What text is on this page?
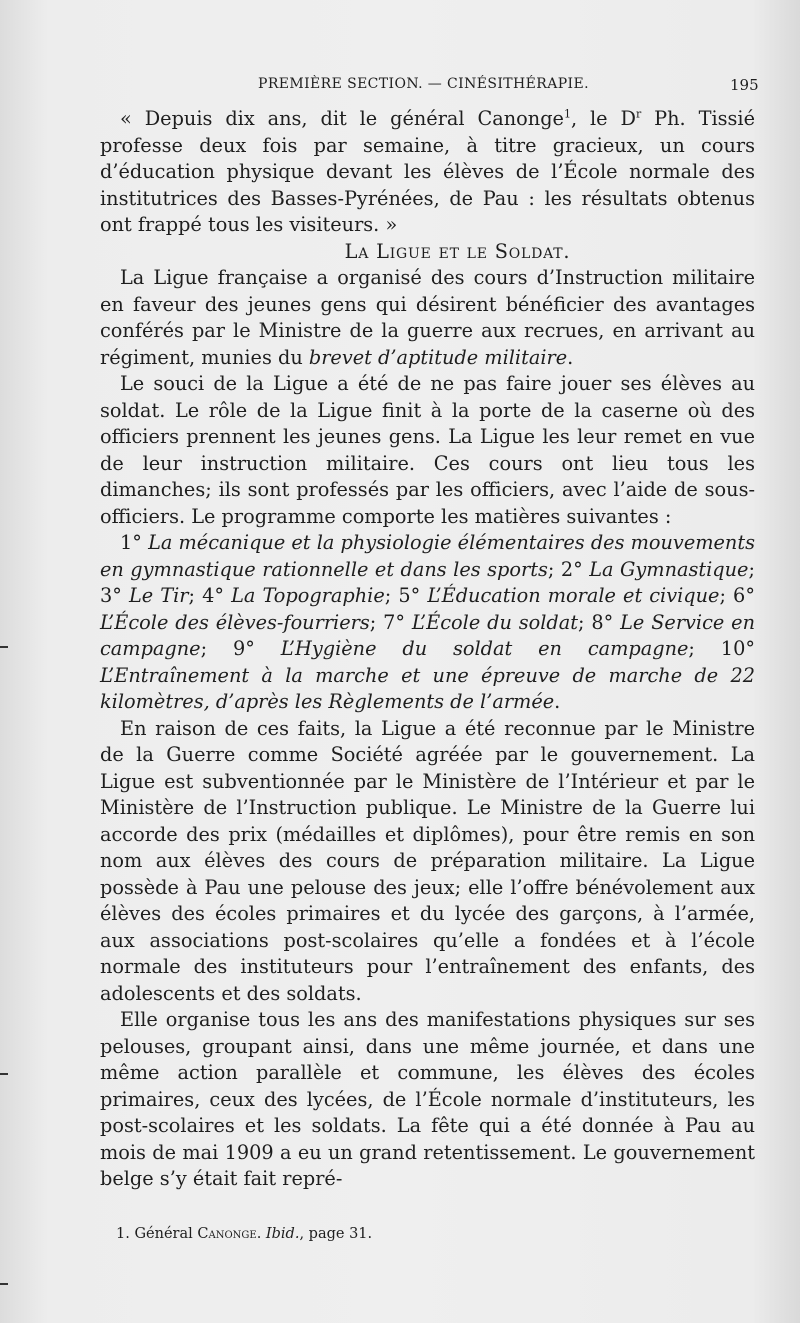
PREMIÈRE SECTION. — CINÉSITHÉRAPIE.	195

« Depuis dix ans, dit le général Canonge$^1$, le $D^r$ Ph. Tissié professe deux fois par semaine, à titre gracieux, un cours d’éducation physique devant les élèves de l’École normale des institutrices des Basses-Pyrénées, de Pau : les résultats obtenus ont frappé tous les visiteurs. »

La Ligue et le Soldat.

La Ligue française a organisé des cours d’Instruction militaire en faveur des jeunes gens qui désirent bénéficier des avantages conférés par le Ministre de la guerre aux recrues, en arrivant au régiment, munies du brevet d’aptitude militaire.

Le souci de la Ligue a été de ne pas faire jouer ses élèves au soldat. Le rôle de la Ligue finit à la porte de la caserne où des officiers prennent les jeunes gens. La Ligue les leur remet en vue de leur instruction militaire. Ces cours ont lieu tous les dimanches; ils sont professés par les officiers, avec l’aide de sous-officiers. Le programme comporte les matières suivantes :

1° La mécanique et la physiologie élémentaires des mouvements en gymnastique rationnelle et dans les sports; 2° La Gymnastique; 3° Le Tir; 4° La Topographie; 5° L’Éducation morale et civique; 6° L’École des élèves-fourriers; 7° L’École du soldat; 8° Le Service en campagne; 9° L’Hygiène du soldat en campagne; 10° L’Entraînement à la marche et une épreuve de marche de 22 kilomètres, d’après les Règlements de l’armée.

En raison de ces faits, la Ligue a été reconnue par le Ministre de la Guerre comme Société agréée par le gouvernement. La Ligue est subventionnée par le Ministère de l’Intérieur et par le Ministère de l’Instruction publique. Le Ministre de la Guerre lui accorde des prix (médailles et diplômes), pour être remis en son nom aux élèves des cours de préparation militaire. La Ligue possède à Pau une pelouse des jeux; elle l’offre bénévolement aux élèves des écoles primaires et du lycée des garçons, à l’armée, aux associations post-scolaires qu’elle a fondées et à l’école normale des instituteurs pour l’entraînement des enfants, des adolescents et des soldats.

Elle organise tous les ans des manifestations physiques sur ses pelouses, groupant ainsi, dans une même journée, et dans une même action parallèle et commune, les élèves des écoles primaires, ceux des lycées, de l’École normale d’instituteurs, les post-scolaires et les soldats. La fête qui a été donnée à Pau au mois de mai 1909 a eu un grand retentissement. Le gouvernement belge s’y était fait repré-

1. Général Canonge. Ibid., page 31.
